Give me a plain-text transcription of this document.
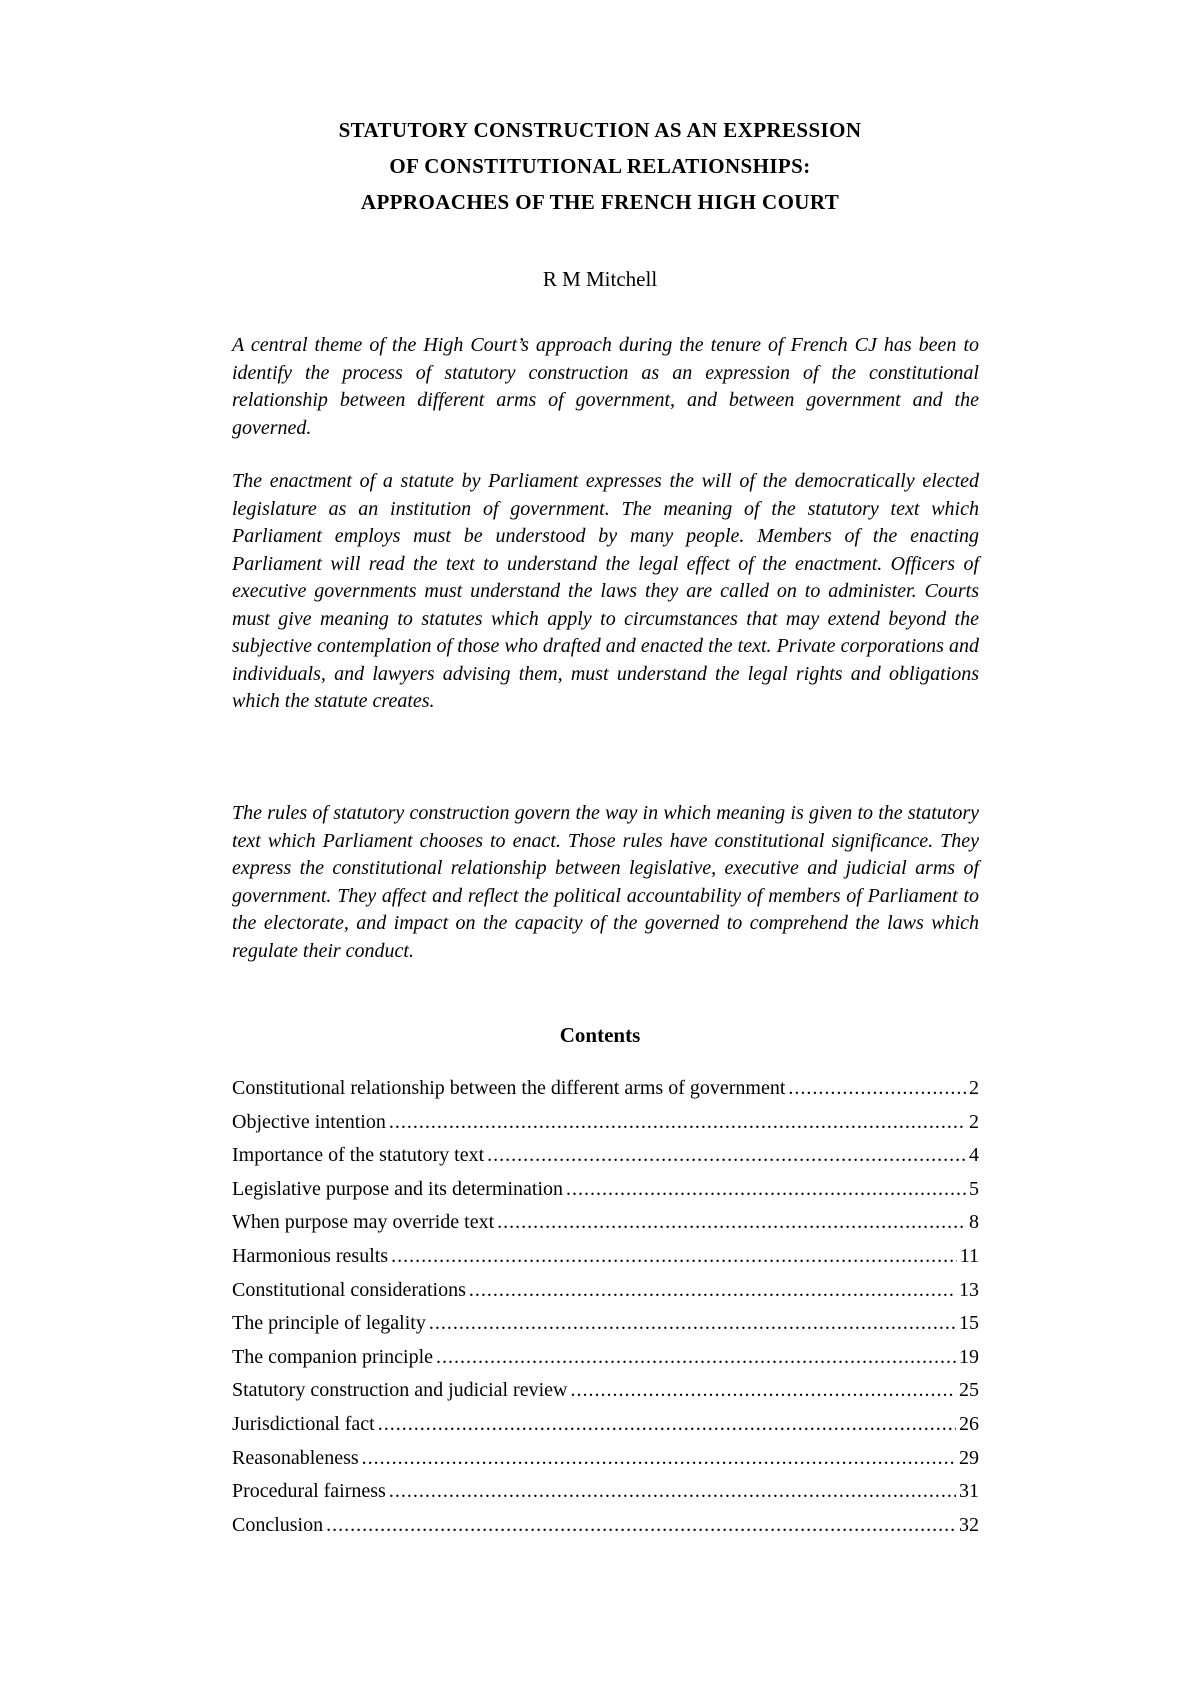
STATUTORY CONSTRUCTION AS AN EXPRESSION

OF CONSTITUTIONAL RELATIONSHIPS:

APPROACHES OF THE FRENCH HIGH COURT

R M Mitchell

A central theme of the High Court’s approach during the tenure of French CJ has been to identify the process of statutory construction as an expression of the constitutional relationship between different arms of government, and between government and the governed.

The enactment of a statute by Parliament expresses the will of the democratically elected legislature as an institution of government. The meaning of the statutory text which Parliament employs must be understood by many people. Members of the enacting Parliament will read the text to understand the legal effect of the enactment. Officers of executive governments must understand the laws they are called on to administer. Courts must give meaning to statutes which apply to circumstances that may extend beyond the subjective contemplation of those who drafted and enacted the text. Private corporations and individuals, and lawyers advising them, must understand the legal rights and obligations which the statute creates.

The rules of statutory construction govern the way in which meaning is given to the statutory text which Parliament chooses to enact. Those rules have constitutional significance. They express the constitutional relationship between legislative, executive and judicial arms of government. They affect and reflect the political accountability of members of Parliament to the electorate, and impact on the capacity of the governed to comprehend the laws which regulate their conduct.

Contents
Constitutional relationship between the different arms of government .....	2
Objective intention .....	2
Importance of the statutory text .....	4
Legislative purpose and its determination .....	5
When purpose may override text .....	8
Harmonious results .....	11
Constitutional considerations .....	13
The principle of legality .....	15
The companion principle .....	19
Statutory construction and judicial review .....	25
Jurisdictional fact .....	26
Reasonableness .....	29
Procedural fairness .....	31
Conclusion .....	32
